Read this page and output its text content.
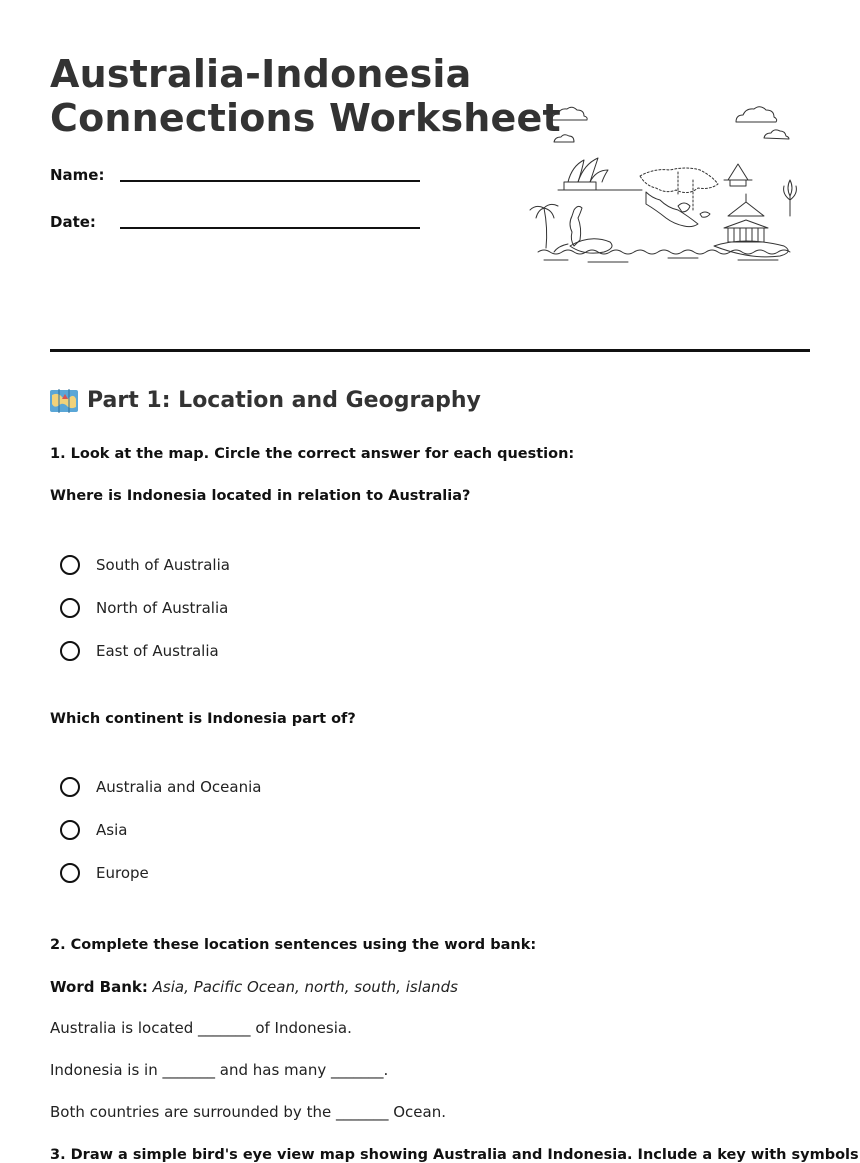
Australia-Indonesia
Connections Worksheet
Name:
Date:
Part 1: Location and Geography
1. Look at the map. Circle the correct answer for each question:
Where is Indonesia located in relation to Australia?
South of Australia
North of Australia
East of Australia
Which continent is Indonesia part of?
Australia and Oceania
Asia
Europe
2. Complete these location sentences using the word bank:
Word Bank: Asia, Pacific Ocean, north, south, islands
Australia is located _______ of Indonesia.
Indonesia is in _______ and has many _______.
Both countries are surrounded by the _______ Ocean.
3. Draw a simple bird's eye view map showing Australia and Indonesia. Include a key with symbols
